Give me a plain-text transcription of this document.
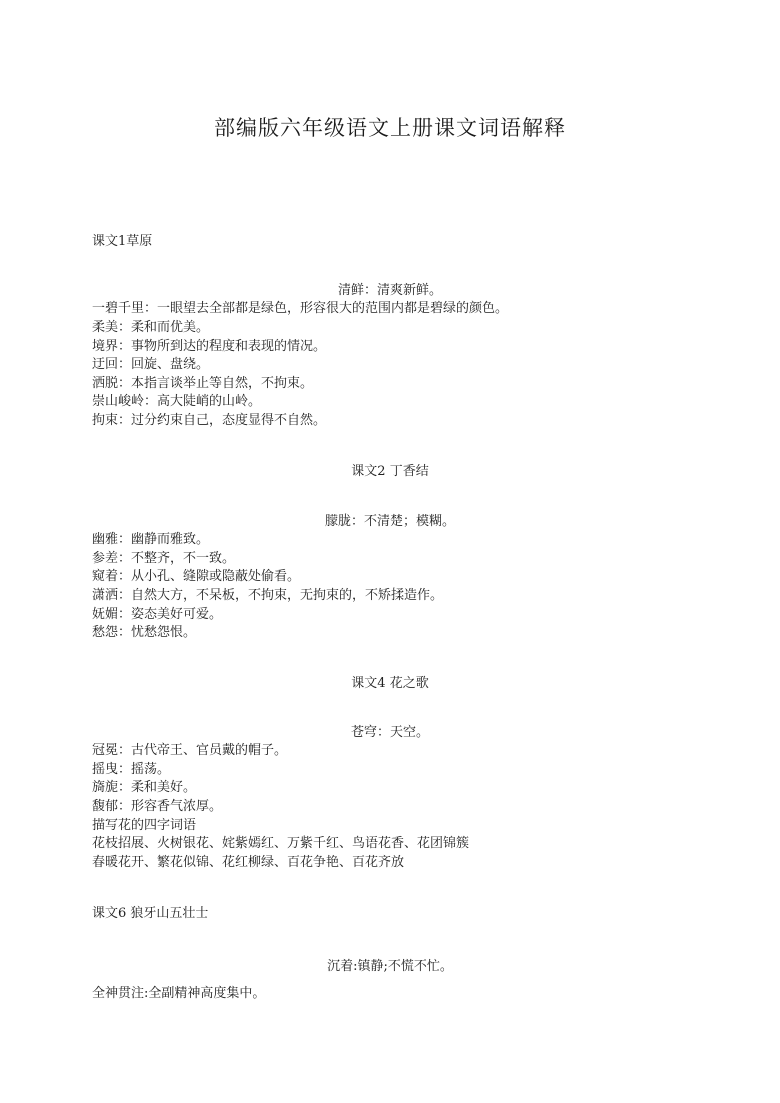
部编版六年级语文上册课文词语解释
课文1草原
清鲜：清爽新鲜。
一碧千里：一眼望去全部都是绿色，形容很大的范围内都是碧绿的颜色。
柔美：柔和而优美。
境界：事物所到达的程度和表现的情况。
迂回：回旋、盘绕。
洒脱：本指言谈举止等自然，不拘束。
崇山峻岭：高大陡峭的山岭。
拘束：过分约束自己，态度显得不自然。
课文2 丁香结
朦胧：不清楚；模糊。
幽雅：幽静而雅致。
参差：不整齐，不一致。
窥着：从小孔、缝隙或隐蔽处偷看。
潇洒：自然大方，不呆板，不拘束，无拘束的，不矫揉造作。
妩媚：姿态美好可爱。
愁怨：忧愁怨恨。
课文4 花之歌
苍穹：天空。
冠冕：古代帝王、官员戴的帽子。
摇曳：摇荡。
旖旎：柔和美好。
馥郁：形容香气浓厚。
描写花的四字词语
花枝招展、火树银花、姹紫嫣红、万紫千红、鸟语花香、花团锦簇
春暖花开、繁花似锦、花红柳绿、百花争艳、百花齐放
课文6 狼牙山五壮士
沉着:镇静;不慌不忙。
全神贯注:全副精神高度集中。
